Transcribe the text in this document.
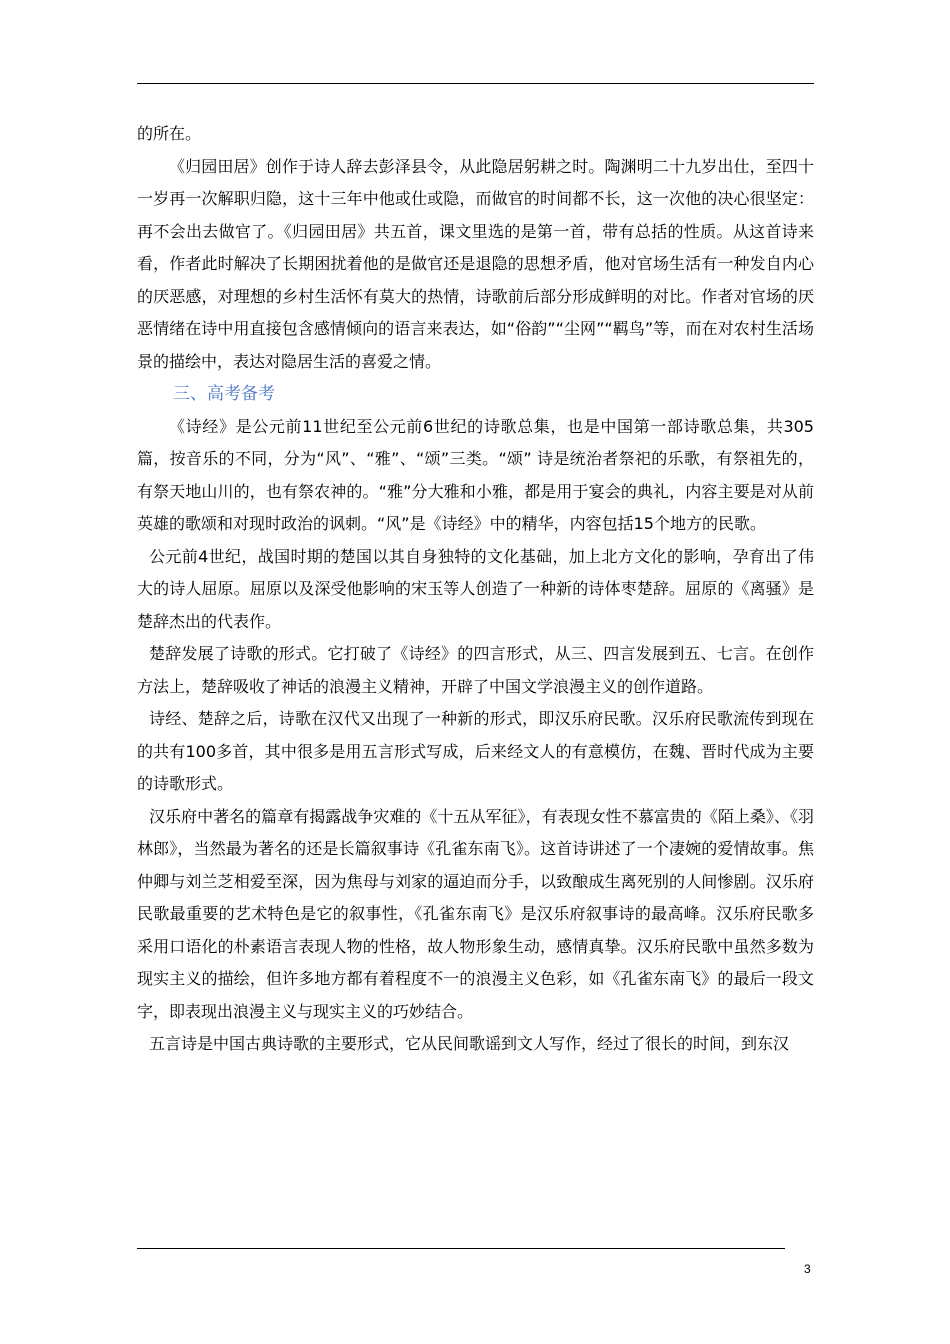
的所在。

《归园田居》创作于诗人辞去彭泽县令，从此隐居躬耕之时。陶渊明二十九岁出仕，至四十一岁再一次解职归隐，这十三年中他或仕或隐，而做官的时间都不长，这一次他的决心很坚定：再不会出去做官了。《归园田居》共五首，课文里选的是第一首，带有总括的性质。从这首诗来看，作者此时解决了长期困扰着他的是做官还是退隐的思想矛盾，他对官场生活有一种发自内心的厌恶感，对理想的乡村生活怀有莫大的热情，诗歌前后部分形成鲜明的对比。作者对官场的厌恶情绪在诗中用直接包含感情倾向的语言来表达，如“俗韵”“尘网”“羁鸟”等，而在对农村生活场景的描绘中，表达对隐居生活的喜爱之情。

三、高考备考

《诗经》是公元前11世纪至公元前6世纪的诗歌总集，也是中国第一部诗歌总集，共305篇，按音乐的不同，分为“风”、“雅”、“颂”三类。“颂” 诗是统治者祭祀的乐歌，有祭祖先的，有祭天地山川的，也有祭农神的。“雅”分大雅和小雅，都是用于宴会的典礼，内容主要是对从前英雄的歌颂和对现时政治的讽刺。“风”是《诗经》中的精华，内容包括15个地方的民歌。

公元前4世纪，战国时期的楚国以其自身独特的文化基础，加上北方文化的影响，孕育出了伟大的诗人屈原。屈原以及深受他影响的宋玉等人创造了一种新的诗体枣楚辞。屈原的《离骚》是楚辞杰出的代表作。

楚辞发展了诗歌的形式。它打破了《诗经》的四言形式，从三、四言发展到五、七言。在创作方法上，楚辞吸收了神话的浪漫主义精神，开辟了中国文学浪漫主义的创作道路。

诗经、楚辞之后，诗歌在汉代又出现了一种新的形式，即汉乐府民歌。汉乐府民歌流传到现在的共有100多首，其中很多是用五言形式写成，后来经文人的有意模仿，在魏、晋时代成为主要的诗歌形式。

汉乐府中著名的篇章有揭露战争灾难的《十五从军征》，有表现女性不慕富贵的《陌上桑》、《羽林郎》，当然最为著名的还是长篇叙事诗《孔雀东南飞》。这首诗讲述了一个凄婉的爱情故事。焦仲卿与刘兰芝相爱至深，因为焦母与刘家的逼迫而分手，以致酿成生离死别的人间惨剧。汉乐府民歌最重要的艺术特色是它的叙事性，《孔雀东南飞》是汉乐府叙事诗的最高峰。汉乐府民歌多采用口语化的朴素语言表现人物的性格，故人物形象生动，感情真挚。汉乐府民歌中虽然多数为现实主义的描绘，但许多地方都有着程度不一的浪漫主义色彩，如《孔雀东南飞》的最后一段文字，即表现出浪漫主义与现实主义的巧妙结合。

五言诗是中国古典诗歌的主要形式，它从民间歌谣到文人写作，经过了很长的时间，到东汉

3
